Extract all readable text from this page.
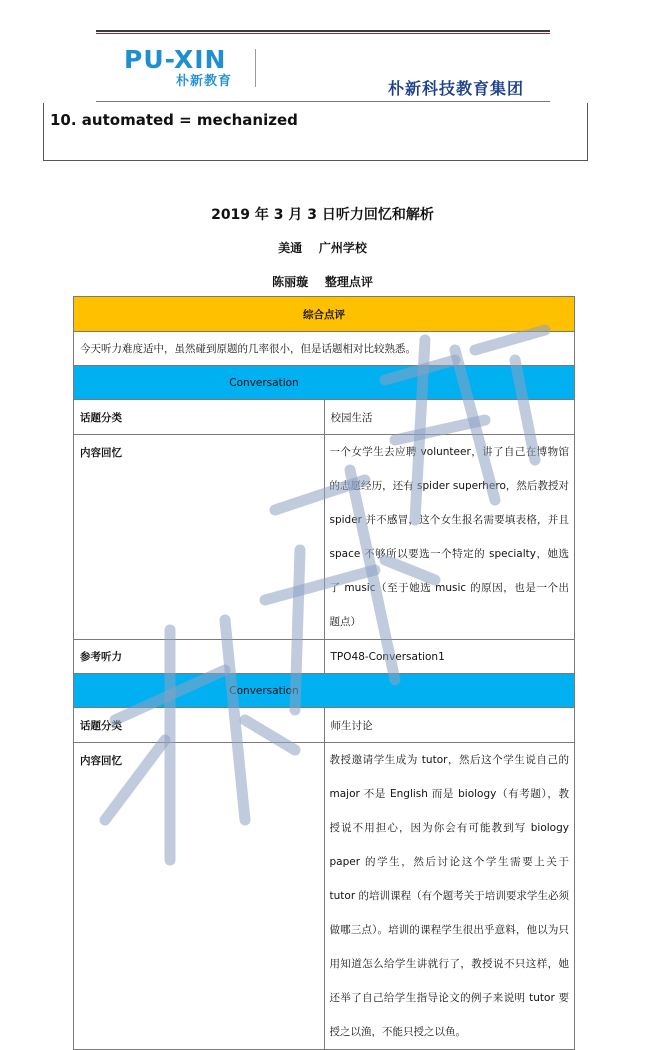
PU-XIN
朴新教育	朴新科技教育集团
10. automated = mechanized
2019 年 3 月 3 日听力回忆和解析
美通    广州学校
陈丽璇    整理点评
综合点评	
今天听力难度适中，虽然碰到原题的几率很小，但是话题相对比较熟悉。	

Conversation	

话题分类	校园生活
内容回忆	一个女学生去应聘 volunteer，讲了自己在博物馆的志愿经历，还有 spider superhero，然后教授对 spider 并不感冒，这个女生报名需要填表格，并且 space 不够所以要选一个特定的 specialty，她选了 music（至于她选 music 的原因，也是一个出题点）
参考听力	TPO48-Conversation1

Conversation	

话题分类	师生讨论
内容回忆	教授邀请学生成为 tutor，然后这个学生说自己的 major 不是 English 而是 biology（有考题），教授说不用担心，因为你会有可能教到写 biology paper 的学生，然后讨论这个学生需要上关于 tutor 的培训课程（有个题考关于培训要求学生必须做哪三点）。培训的课程学生很出乎意料，他以为只用知道怎么给学生讲就行了，教授说不只这样，她还举了自己给学生指导论文的例子来说明 tutor 要授之以渔，不能只授之以鱼。
